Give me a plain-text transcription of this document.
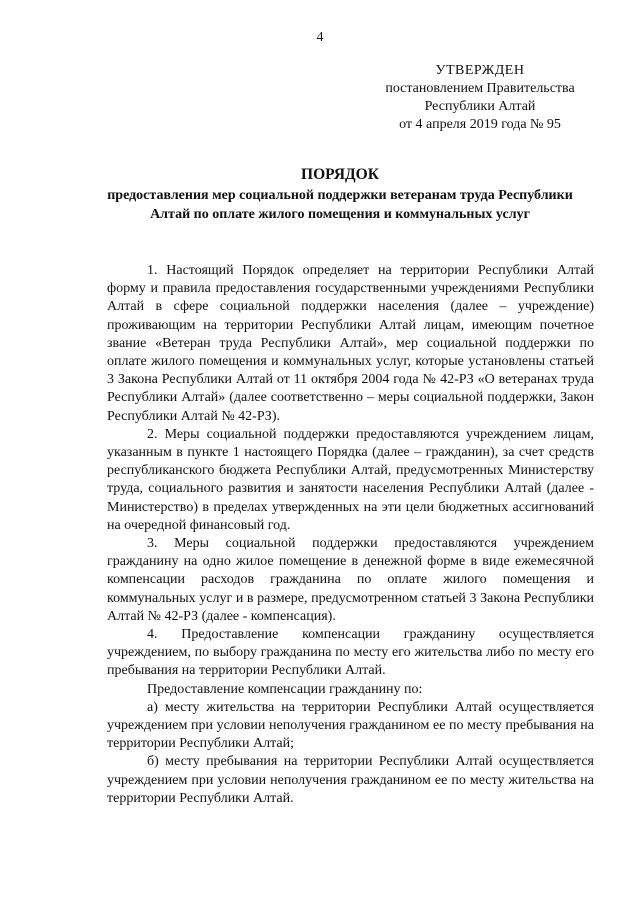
4
УТВЕРЖДЕН
постановлением Правительства
Республики Алтай
от 4 апреля 2019 года № 95
ПОРЯДОК
предоставления мер социальной поддержки ветеранам труда Республики Алтай по оплате жилого помещения и коммунальных услуг

1. Настоящий Порядок определяет на территории Республики Алтай форму и правила предоставления государственными учреждениями Республики Алтай в сфере социальной поддержки населения (далее – учреждение) проживающим на территории Республики Алтай лицам, имеющим почетное звание «Ветеран труда Республики Алтай», мер социальной поддержки по оплате жилого помещения и коммунальных услуг, которые установлены статьей 3 Закона Республики Алтай от 11 октября 2004 года № 42-РЗ «О ветеранах труда Республики Алтай» (далее соответственно – меры социальной поддержки, Закон Республики Алтай № 42-РЗ).

2. Меры социальной поддержки предоставляются учреждением лицам, указанным в пункте 1 настоящего Порядка (далее – гражданин), за счет средств республиканского бюджета Республики Алтай, предусмотренных Министерству труда, социального развития и занятости населения Республики Алтай (далее - Министерство) в пределах утвержденных на эти цели бюджетных ассигнований на очередной финансовый год.

3. Меры социальной поддержки предоставляются учреждением гражданину на одно жилое помещение в денежной форме в виде ежемесячной компенсации расходов гражданина по оплате жилого помещения и коммунальных услуг и в размере, предусмотренном статьей 3 Закона Республики Алтай № 42-РЗ (далее - компенсация).

4. Предоставление компенсации гражданину осуществляется учреждением, по выбору гражданина по месту его жительства либо по месту его пребывания на территории Республики Алтай.

Предоставление компенсации гражданину по:

а) месту жительства на территории Республики Алтай осуществляется учреждением при условии неполучения гражданином ее по месту пребывания на территории Республики Алтай;

б) месту пребывания на территории Республики Алтай осуществляется учреждением при условии неполучения гражданином ее по месту жительства на территории Республики Алтай.
